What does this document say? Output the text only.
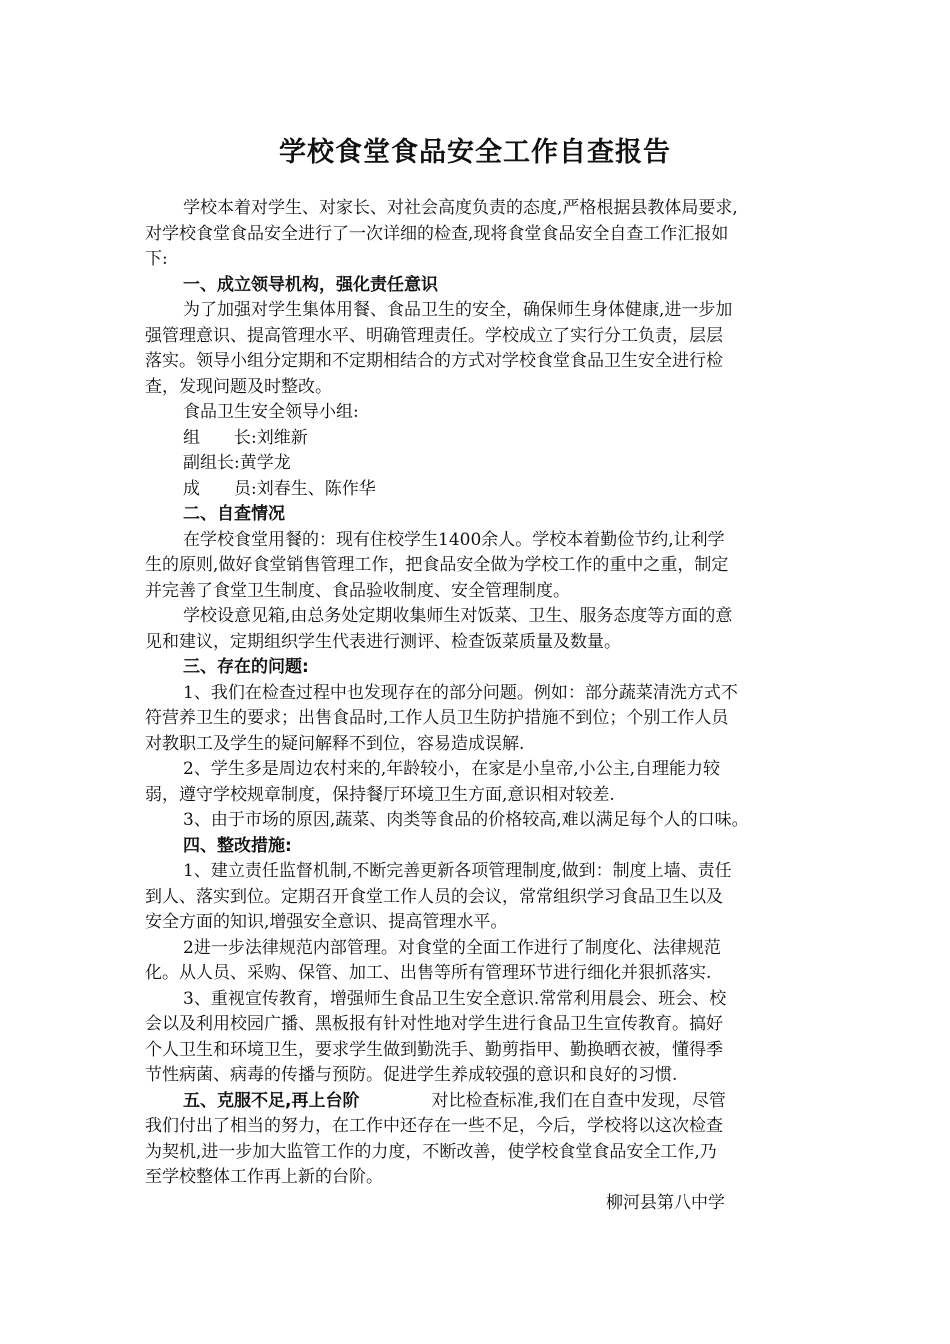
学校食堂食品安全工作自查报告
学校本着对学生、对家长、对社会高度负责的态度,严格根据县教体局要求,
对学校食堂食品安全进行了一次详细的检查,现将食堂食品安全自查工作汇报如
下:
一、成立领导机构，强化责任意识
为了加强对学生集体用餐、食品卫生的安全，确保师生身体健康,进一步加
强管理意识、提高管理水平、明确管理责任。学校成立了实行分工负责，层层
落实。领导小组分定期和不定期相结合的方式对学校食堂食品卫生安全进行检
查，发现问题及时整改。
食品卫生安全领导小组:
组　　长:刘维新
副组长:黄学龙
成　　员:刘春生、陈作华
二、自查情况
在学校食堂用餐的：现有住校学生1400余人。学校本着勤俭节约,让利学
生的原则,做好食堂销售管理工作，把食品安全做为学校工作的重中之重，制定
并完善了食堂卫生制度、食品验收制度、安全管理制度。
学校设意见箱,由总务处定期收集师生对饭菜、卫生、服务态度等方面的意
见和建议，定期组织学生代表进行测评、检查饭菜质量及数量。
三、存在的问题:
1、我们在检查过程中也发现存在的部分问题。例如：部分蔬菜清洗方式不
符营养卫生的要求；出售食品时,工作人员卫生防护措施不到位；个别工作人员
对教职工及学生的疑问解释不到位，容易造成误解.
2、学生多是周边农村来的,年龄较小，在家是小皇帝,小公主,自理能力较
弱，遵守学校规章制度，保持餐厅环境卫生方面,意识相对较差.
3、由于市场的原因,蔬菜、肉类等食品的价格较高,难以满足每个人的口味。
四、整改措施:
1、建立责任监督机制,不断完善更新各项管理制度,做到：制度上墙、责任
到人、落实到位。定期召开食堂工作人员的会议，常常组织学习食品卫生以及
安全方面的知识,增强安全意识、提高管理水平。
2进一步法律规范内部管理。对食堂的全面工作进行了制度化、法律规范
化。从人员、采购、保管、加工、出售等所有管理环节进行细化并狠抓落实.
3、重视宣传教育，增强师生食品卫生安全意识.常常利用晨会、班会、校
会以及利用校园广播、黑板报有针对性地对学生进行食品卫生宣传教育。搞好
个人卫生和环境卫生，要求学生做到勤洗手、勤剪指甲、勤换晒衣被，懂得季
节性病菌、病毒的传播与预防。促进学生养成较强的意识和良好的习惯.
五、克服不足,再上台阶	对比检查标准,我们在自查中发现，尽管
我们付出了相当的努力，在工作中还存在一些不足，今后，学校将以这次检查
为契机,进一步加大监管工作的力度，不断改善，使学校食堂食品安全工作,乃
至学校整体工作再上新的台阶。
柳河县第八中学
